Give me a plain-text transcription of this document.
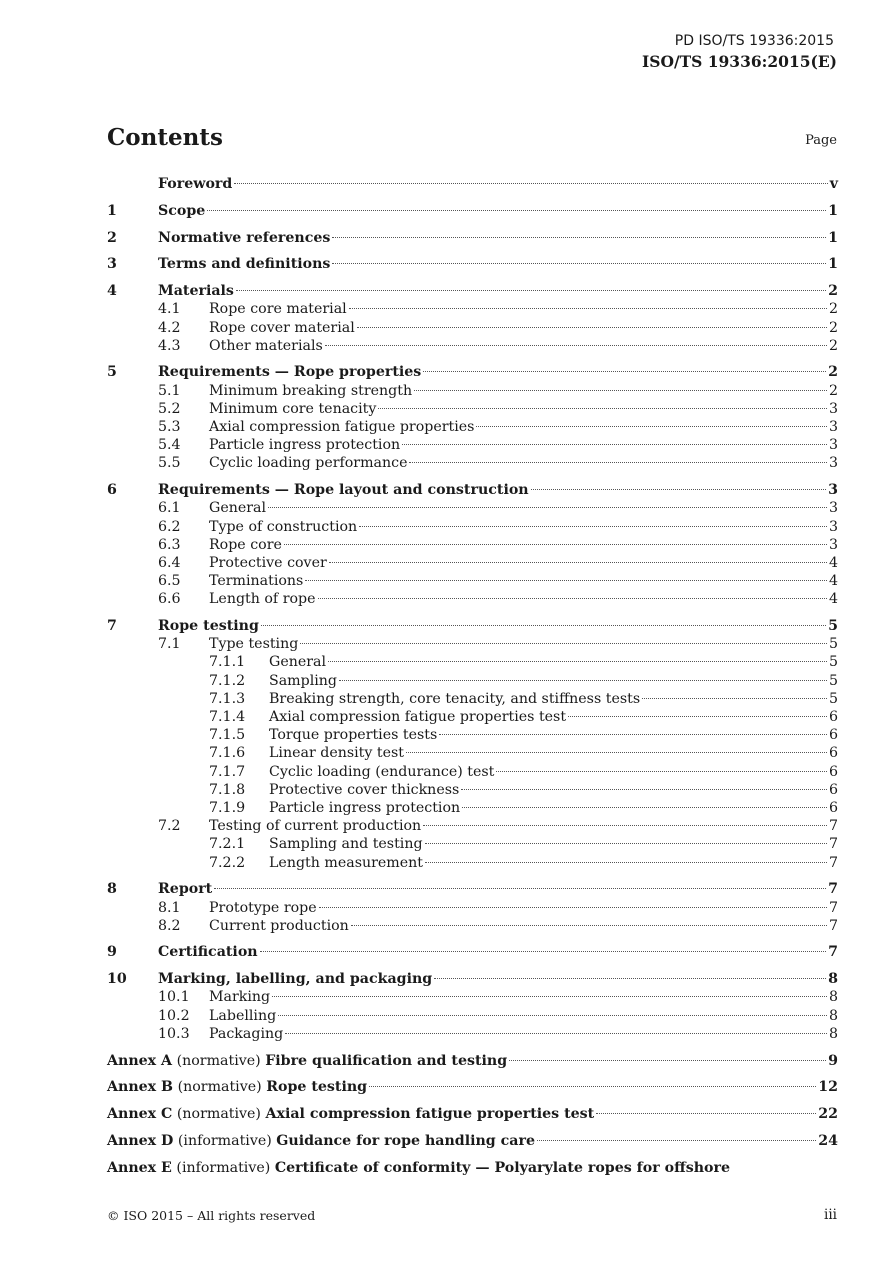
PD ISO/TS 19336:2015
ISO/TS 19336:2015(E)
Contents	Page
Foreword	v
1	Scope	1
2	Normative references	1
3	Terms and definitions	1
4	Materials	2
4.1	Rope core material	2
4.2	Rope cover material	2
4.3	Other materials	2
5	Requirements — Rope properties	2
5.1	Minimum breaking strength	2
5.2	Minimum core tenacity	3
5.3	Axial compression fatigue properties	3
5.4	Particle ingress protection	3
5.5	Cyclic loading performance	3
6	Requirements — Rope layout and construction	3
6.1	General	3
6.2	Type of construction	3
6.3	Rope core	3
6.4	Protective cover	4
6.5	Terminations	4
6.6	Length of rope	4
7	Rope testing	5
7.1	Type testing	5
7.1.1	General	5
7.1.2	Sampling	5
7.1.3	Breaking strength, core tenacity, and stiffness tests	5
7.1.4	Axial compression fatigue properties test	6
7.1.5	Torque properties tests	6
7.1.6	Linear density test	6
7.1.7	Cyclic loading (endurance) test	6
7.1.8	Protective cover thickness	6
7.1.9	Particle ingress protection	6
7.2	Testing of current production	7
7.2.1	Sampling and testing	7
7.2.2	Length measurement	7
8	Report	7
8.1	Prototype rope	7
8.2	Current production	7
9	Certification	7
10	Marking, labelling, and packaging	8
10.1	Marking	8
10.2	Labelling	8
10.3	Packaging	8
Annex A (normative) Fibre qualification and testing	9
Annex B (normative) Rope testing	12
Annex C (normative) Axial compression fatigue properties test	22
Annex D (informative) Guidance for rope handling care	24
Annex E (informative) Certificate of conformity — Polyarylate ropes for offshore
© ISO 2015 – All rights reserved	iii
